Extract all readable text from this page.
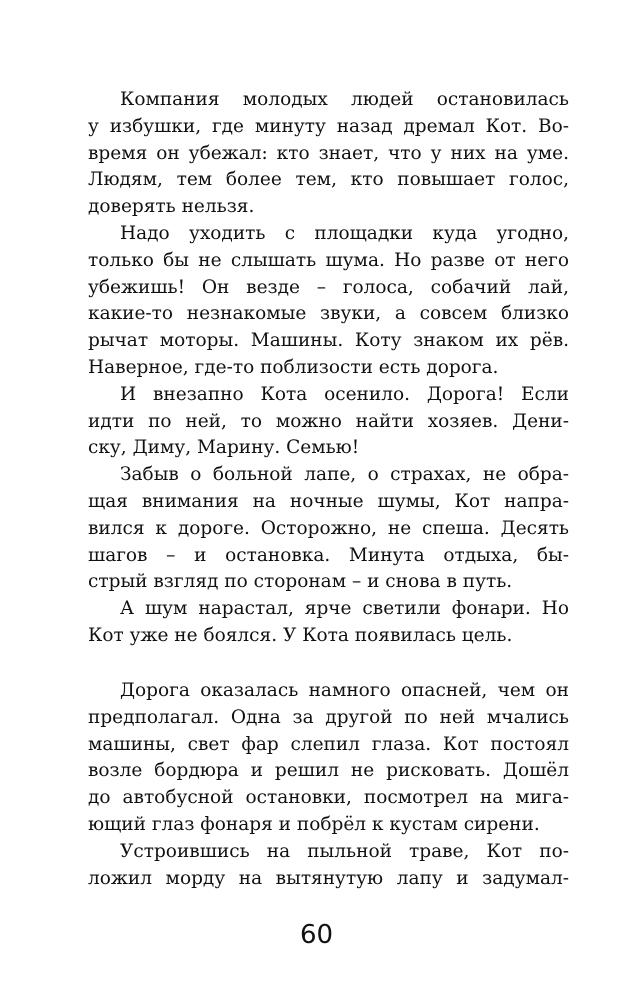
Компания молодых людей остановилась
у избушки, где минуту назад дремал Кот. Во-
время он убежал: кто знает, что у них на уме.
Людям, тем более тем, кто повышает голос,
доверять нельзя.
Надо уходить с площадки куда угодно,
только бы не слышать шума. Но разве от него
убежишь! Он везде – голоса, собачий лай,
какие-то незнакомые звуки, а совсем близко
рычат моторы. Машины. Коту знаком их рёв.
Наверное, где-то поблизости есть дорога.
И внезапно Кота осенило. Дорога! Если
идти по ней, то можно найти хозяев. Дени-
ску, Диму, Марину. Семью!
Забыв о больной лапе, о страхах, не обра-
щая внимания на ночные шумы, Кот напра-
вился к дороге. Осторожно, не спеша. Десять
шагов – и остановка. Минута отдыха, бы-
стрый взгляд по сторонам – и снова в путь.
А шум нарастал, ярче светили фонари. Но
Кот уже не боялся. У Кота появилась цель.
Дорога оказалась намного опасней, чем он
предполагал. Одна за другой по ней мчались
машины, свет фар слепил глаза. Кот постоял
возле бордюра и решил не рисковать. Дошёл
до автобусной остановки, посмотрел на мига-
ющий глаз фонаря и побрёл к кустам сирени.
Устроившись на пыльной траве, Кот по-
ложил морду на вытянутую лапу и задумал-
60
